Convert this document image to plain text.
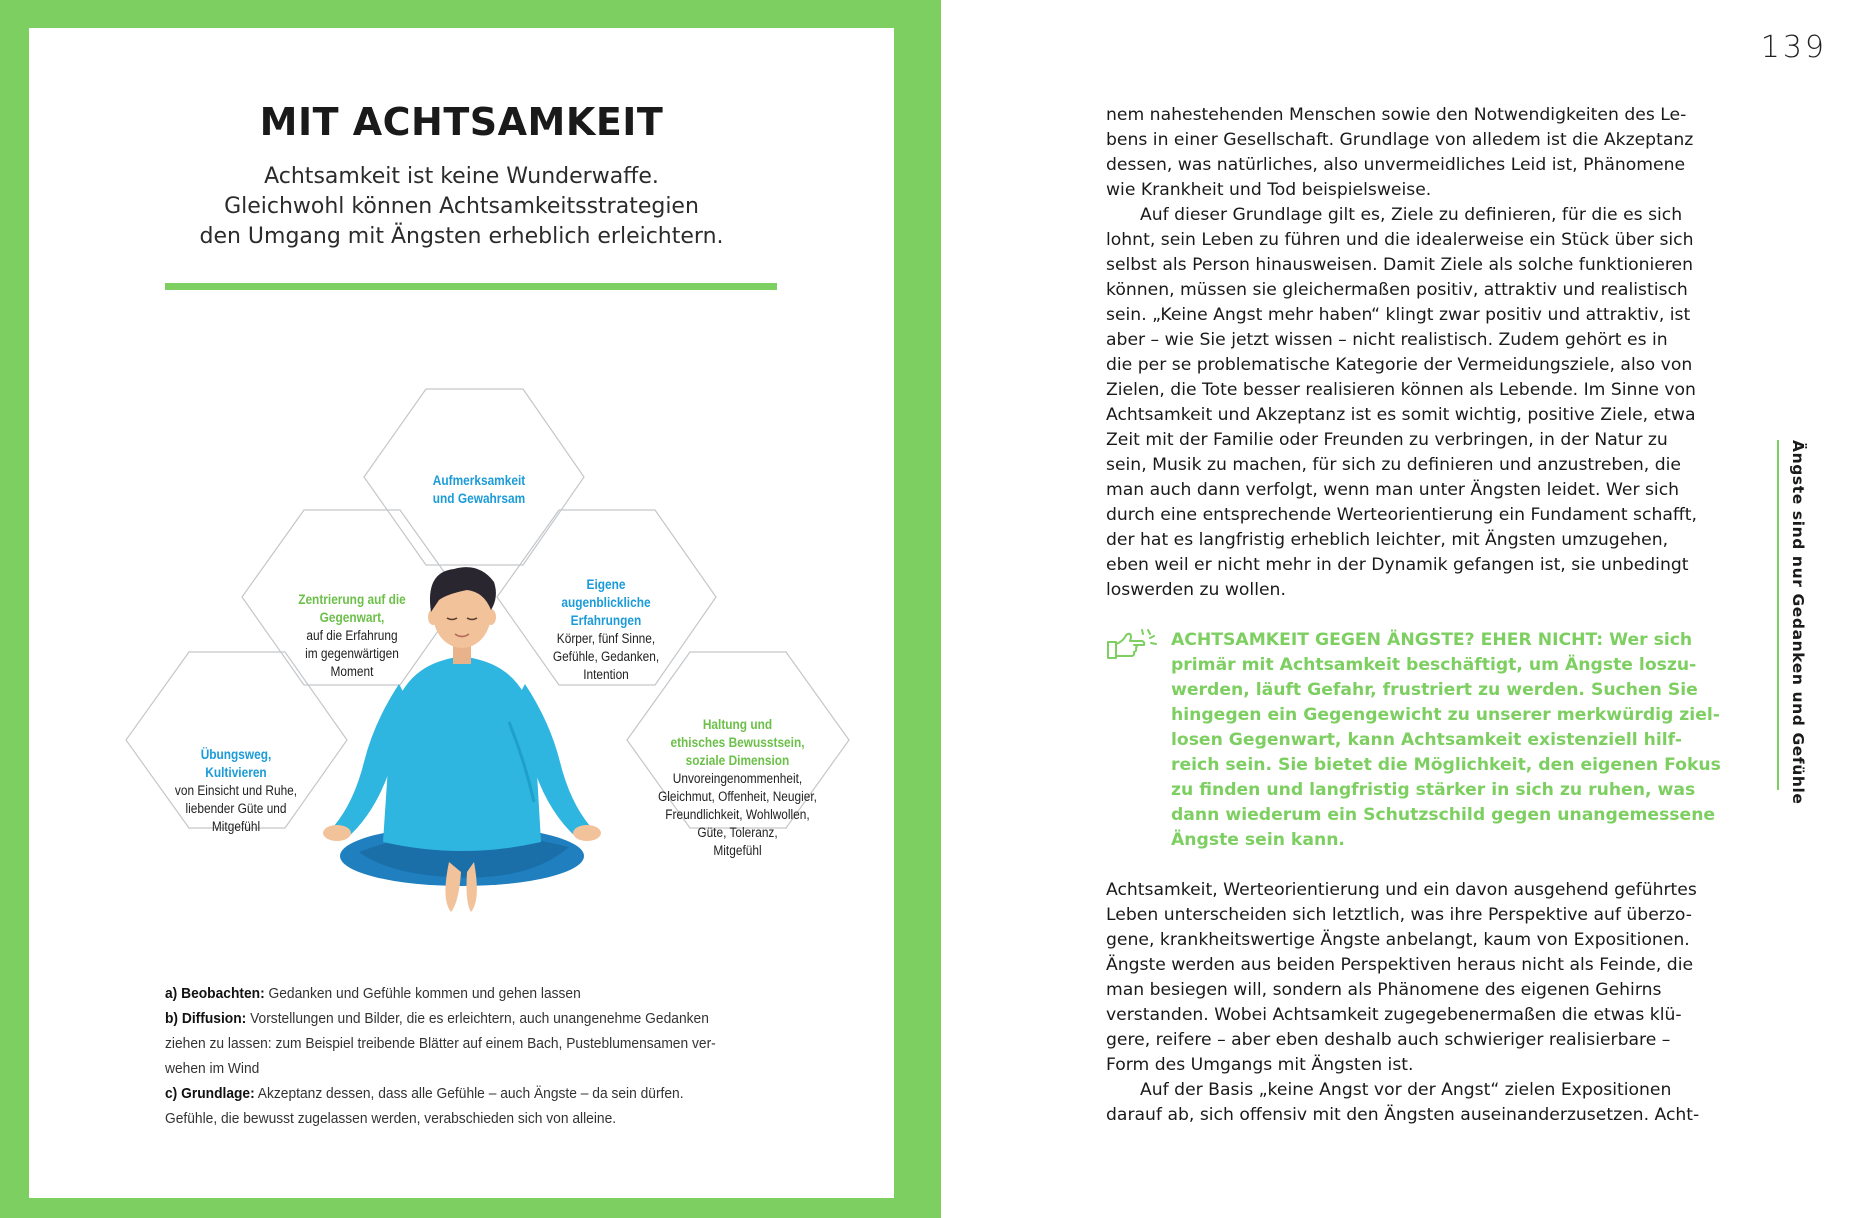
MIT ACHTSAMKEIT
Achtsamkeit ist keine Wunderwaffe.
Gleichwohl können Achtsamkeitsstrategien
den Umgang mit Ängsten erheblich erleichtern.
Aufmerksamkeit
und Gewahrsam
Zentrierung auf die
Gegenwart,
auf die Erfahrung
im gegenwärtigen
Moment
Eigene
augenblickliche
Erfahrungen
Körper, fünf Sinne,
Gefühle, Gedanken,
Intention
Übungsweg,
Kultivieren
von Einsicht und Ruhe,
liebender Güte und
Mitgefühl
Haltung und
ethisches Bewusstsein,
soziale Dimension
Unvoreingenommenheit,
Gleichmut, Offenheit, Neugier,
Freundlichkeit, Wohlwollen,
Güte, Toleranz,
Mitgefühl
a) Beobachten: Gedanken und Gefühle kommen und gehen lassen
b) Diffusion: Vorstellungen und Bilder, die es erleichtern, auch unangenehme Gedanken
ziehen zu lassen: zum Beispiel treibende Blätter auf einem Bach, Pusteblumensamen ver-
wehen im Wind
c) Grundlage: Akzeptanz dessen, dass alle Gefühle – auch Ängste – da sein dürfen.
Gefühle, die bewusst zugelassen werden, verabschieden sich von alleine.
139
nem nahestehenden Menschen sowie den Notwendigkeiten des Le-
bens in einer Gesellschaft. Grundlage von alledem ist die Akzeptanz
dessen, was natürliches, also unvermeidliches Leid ist, Phänomene
wie Krankheit und Tod beispielsweise.
Auf dieser Grundlage gilt es, Ziele zu definieren, für die es sich
lohnt, sein Leben zu führen und die idealerweise ein Stück über sich
selbst als Person hinausweisen. Damit Ziele als solche funktionieren
können, müssen sie gleichermaßen positiv, attraktiv und realistisch
sein. „Keine Angst mehr haben“ klingt zwar positiv und attraktiv, ist
aber – wie Sie jetzt wissen – nicht realistisch. Zudem gehört es in
die per se problematische Kategorie der Vermeidungsziele, also von
Zielen, die Tote besser realisieren können als Lebende. Im Sinne von
Achtsamkeit und Akzeptanz ist es somit wichtig, positive Ziele, etwa
Zeit mit der Familie oder Freunden zu verbringen, in der Natur zu
sein, Musik zu machen, für sich zu definieren und anzustreben, die
man auch dann verfolgt, wenn man unter Ängsten leidet. Wer sich
durch eine entsprechende Werteorientierung ein Fundament schafft,
der hat es langfristig erheblich leichter, mit Ängsten umzugehen,
eben weil er nicht mehr in der Dynamik gefangen ist, sie unbedingt
loswerden zu wollen.
ACHTSAMKEIT GEGEN ÄNGSTE? EHER NICHT: Wer sich
primär mit Achtsamkeit beschäftigt, um Ängste loszu-
werden, läuft Gefahr, frustriert zu werden. Suchen Sie
hingegen ein Gegengewicht zu unserer merkwürdig ziel-
losen Gegenwart, kann Achtsamkeit existenziell hilf-
reich sein. Sie bietet die Möglichkeit, den eigenen Fokus
zu finden und langfristig stärker in sich zu ruhen, was
dann wiederum ein Schutzschild gegen unangemessene
Ängste sein kann.
Achtsamkeit, Werteorientierung und ein davon ausgehend geführtes
Leben unterscheiden sich letztlich, was ihre Perspektive auf überzo-
gene, krankheitswertige Ängste anbelangt, kaum von Expositionen.
Ängste werden aus beiden Perspektiven heraus nicht als Feinde, die
man besiegen will, sondern als Phänomene des eigenen Gehirns
verstanden. Wobei Achtsamkeit zugegebenermaßen die etwas klü-
gere, reifere – aber eben deshalb auch schwieriger realisierbare –
Form des Umgangs mit Ängsten ist.
Auf der Basis „keine Angst vor der Angst“ zielen Expositionen
darauf ab, sich offensiv mit den Ängsten auseinanderzusetzen. Acht-
Ängste sind nur Gedanken und Gefühle
